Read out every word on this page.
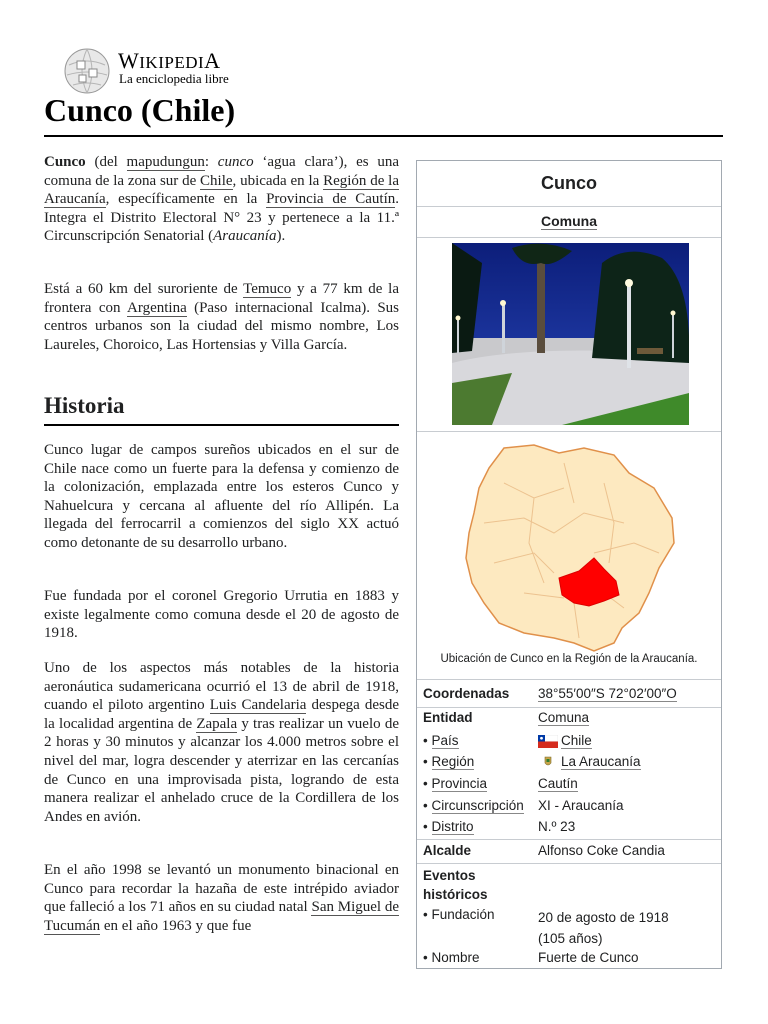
WIKIPEDIA
La enciclopedia libre
Cunco (Chile)
Cunco (del mapudungun: cunco ‘agua clara’), es una comuna de la zona sur de Chile, ubicada en la Región de la Araucanía, específicamente en la Provincia de Cautín. Integra el Distrito Electoral N° 23 y pertenece a la 11.ª Circunscripción Senatorial (Araucanía).
Está a 60 km del suroriente de Temuco y a 77 km de la frontera con Argentina (Paso internacional Icalma). Sus centros urbanos son la ciudad del mismo nombre, Los Laureles, Choroico, Las Hortensias y Villa García.
Historia
Cunco lugar de campos sureños ubicados en el sur de Chile nace como un fuerte para la defensa y comienzo de la colonización, emplazada entre los esteros Cunco y Nahuelcura y cercana al afluente del río Allipén. La llegada del ferrocarril a comienzos del siglo XX actuó como detonante de su desarrollo urbano.
Fue fundada por el coronel Gregorio Urrutia en 1883 y existe legalmente como comuna desde el 20 de agosto de 1918.
Uno de los aspectos más notables de la historia aeronáutica sudamericana ocurrió el 13 de abril de 1918, cuando el piloto argentino Luis Candelaria despega desde la localidad argentina de Zapala y tras realizar un vuelo de 2 horas y 30 minutos y alcanzar los 4.000 metros sobre el nivel del mar, logra descender y aterrizar en las cercanías de Cunco en una improvisada pista, logrando de esta manera realizar el anhelado cruce de la Cordillera de los Andes en avión.
En el año 1998 se levantó un monumento binacional en Cunco para recordar la hazaña de este intrépido aviador que falleció a los 71 años en su ciudad natal San Miguel de Tucumán en el año 1963 y que fue
Cunco
Comuna
Ubicación de Cunco en la Región de la Araucanía.
Coordenadas 38°55′00″S 72°02′00″O
Entidad	Comuna
• País	Chile
• Región	La Araucanía
• Provincia	Cautín
• Circunscripción XI - Araucanía
• Distrito	N.º 23
Alcalde	Alfonso Coke Candia
Eventos
históricos
• Fundación	20 de agosto de 1918
(105 años)
• Nombre	Fuerte de Cunco
